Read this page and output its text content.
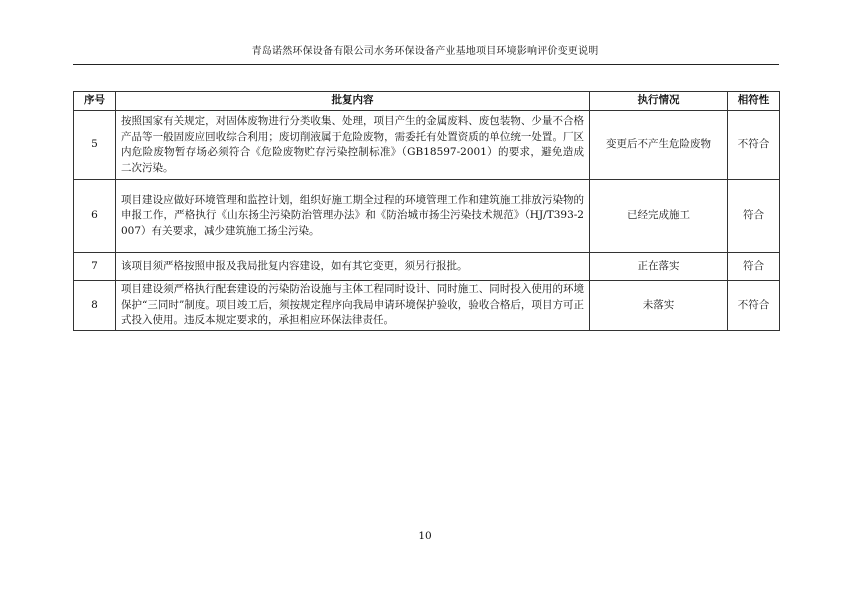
青岛诺然环保设备有限公司水务环保设备产业基地项目环境影响评价变更说明
序号	批复内容	执行情况	相符性
5	按照国家有关规定，对固体废物进行分类收集、处理，项目产生的金属废料、废包装物、少量不合格产品等一般固废应回收综合利用；废切削液属于危险废物，需委托有处置资质的单位统一处置。厂区内危险废物暂存场必须符合《危险废物贮存污染控制标准》（GB18597-2001）的要求，避免造成二次污染。	变更后不产生危险废物	不符合
6	项目建设应做好环境管理和监控计划，组织好施工期全过程的环境管理工作和建筑施工排放污染物的申报工作，严格执行《山东扬尘污染防治管理办法》和《防治城市扬尘污染技术规范》（HJ/T393-2007）有关要求，减少建筑施工扬尘污染。	已经完成施工	符合
7	该项目须严格按照申报及我局批复内容建设，如有其它变更，须另行报批。	正在落实	符合
8	项目建设须严格执行配套建设的污染防治设施与主体工程同时设计、同时施工、同时投入使用的环境保护“三同时”制度。项目竣工后，须按规定程序向我局申请环境保护验收，验收合格后，项目方可正式投入使用。违反本规定要求的，承担相应环保法律责任。	未落实	不符合
10
